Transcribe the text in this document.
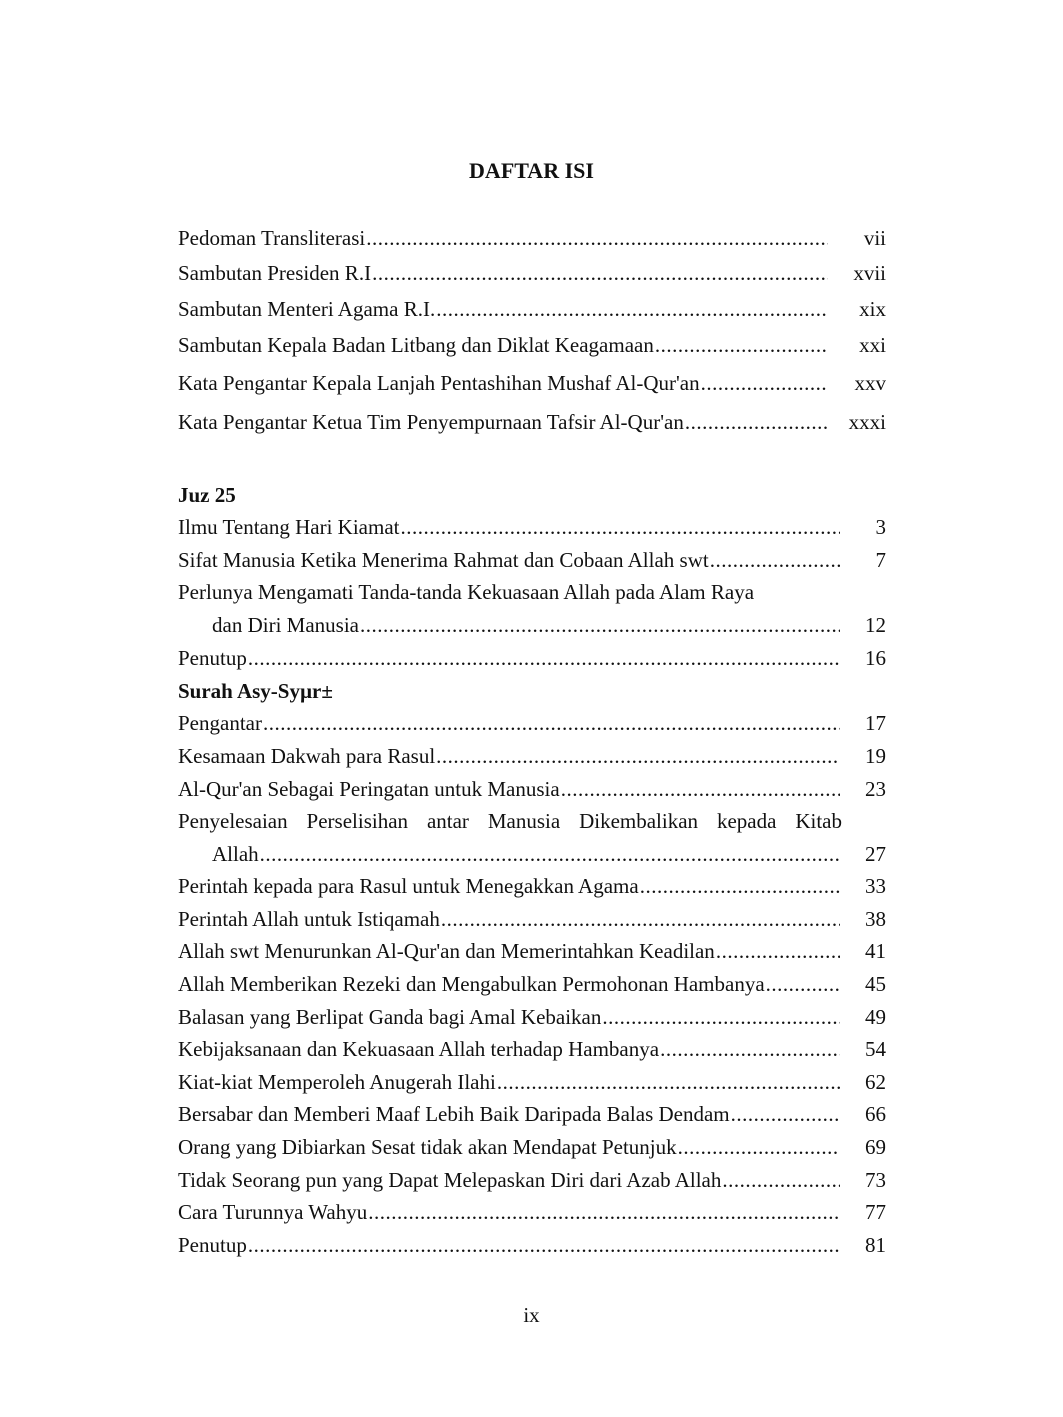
DAFTAR ISI
Pedoman Transliterasi .....	vii
Sambutan Presiden R.I .....	xvii
Sambutan Menteri Agama R.I. .....	xix
Sambutan Kepala Badan Litbang dan Diklat Keagamaan .....	xxi
Kata Pengantar Kepala Lanjah Pentashihan Mushaf Al-Qur'an .....	xxv
Kata Pengantar Ketua Tim Penyempurnaan Tafsir Al-Qur'an .....	xxxi
Juz 25
Ilmu Tentang Hari Kiamat .....	3
Sifat Manusia Ketika Menerima Rahmat dan Cobaan Allah swt .....	7
Perlunya Mengamati Tanda-tanda Kekuasaan Allah pada Alam Raya
dan Diri Manusia .....	12
Penutup .....	16
Surah Asy-Syµr±
Pengantar .....	17
Kesamaan Dakwah para Rasul .....	19
Al-Qur'an Sebagai Peringatan untuk Manusia .....	23
Penyelesaian Perselisihan antar Manusia Dikembalikan kepada Kitab
Allah .....	27
Perintah kepada para Rasul untuk Menegakkan Agama .....	33
Perintah Allah untuk Istiqamah .....	38
Allah swt Menurunkan Al-Qur'an dan Memerintahkan Keadilan .....	41
Allah Memberikan Rezeki dan Mengabulkan Permohonan Hambanya .....	45
Balasan yang Berlipat Ganda bagi Amal Kebaikan .....	49
Kebijaksanaan dan Kekuasaan Allah terhadap Hambanya .....	54
Kiat-kiat Memperoleh Anugerah Ilahi .....	62
Bersabar dan Memberi Maaf Lebih Baik Daripada Balas Dendam .....	66
Orang yang Dibiarkan Sesat tidak akan Mendapat Petunjuk .....	69
Tidak Seorang pun yang Dapat Melepaskan Diri dari Azab Allah .....	73
Cara Turunnya Wahyu .....	77
Penutup .....	81
ix
